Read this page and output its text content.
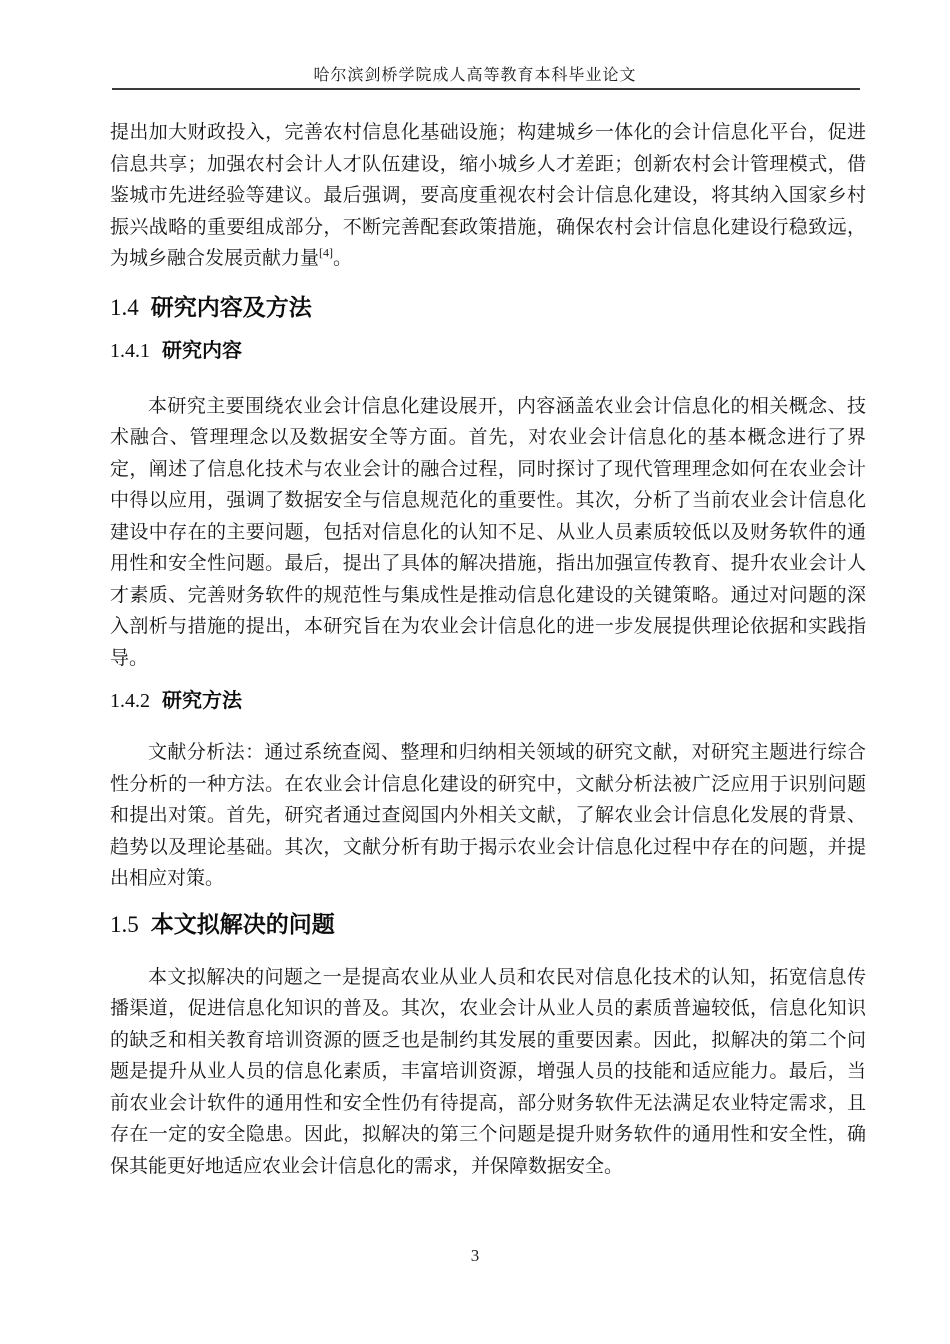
哈尔滨剑桥学院成人高等教育本科毕业论文

提出加大财政投入，完善农村信息化基础设施；构建城乡一体化的会计信息化平台，促进信息共享；加强农村会计人才队伍建设，缩小城乡人才差距；创新农村会计管理模式，借鉴城市先进经验等建议。最后强调，要高度重视农村会计信息化建设，将其纳入国家乡村振兴战略的重要组成部分，不断完善配套政策措施，确保农村会计信息化建设行稳致远，为城乡融合发展贡献力量[4]。

1.4 研究内容及方法
1.4.1 研究内容

本研究主要围绕农业会计信息化建设展开，内容涵盖农业会计信息化的相关概念、技术融合、管理理念以及数据安全等方面。首先，对农业会计信息化的基本概念进行了界定，阐述了信息化技术与农业会计的融合过程，同时探讨了现代管理理念如何在农业会计中得以应用，强调了数据安全与信息规范化的重要性。其次，分析了当前农业会计信息化建设中存在的主要问题，包括对信息化的认知不足、从业人员素质较低以及财务软件的通用性和安全性问题。最后，提出了具体的解决措施，指出加强宣传教育、提升农业会计人才素质、完善财务软件的规范性与集成性是推动信息化建设的关键策略。通过对问题的深入剖析与措施的提出，本研究旨在为农业会计信息化的进一步发展提供理论依据和实践指导。

1.4.2 研究方法

文献分析法：通过系统查阅、整理和归纳相关领域的研究文献，对研究主题进行综合性分析的一种方法。在农业会计信息化建设的研究中，文献分析法被广泛应用于识别问题和提出对策。首先，研究者通过查阅国内外相关文献，了解农业会计信息化发展的背景、趋势以及理论基础。其次，文献分析有助于揭示农业会计信息化过程中存在的问题，并提出相应对策。

1.5 本文拟解决的问题

本文拟解决的问题之一是提高农业从业人员和农民对信息化技术的认知，拓宽信息传播渠道，促进信息化知识的普及。其次，农业会计从业人员的素质普遍较低，信息化知识的缺乏和相关教育培训资源的匮乏也是制约其发展的重要因素。因此，拟解决的第二个问题是提升从业人员的信息化素质，丰富培训资源，增强人员的技能和适应能力。最后，当前农业会计软件的通用性和安全性仍有待提高，部分财务软件无法满足农业特定需求，且存在一定的安全隐患。因此，拟解决的第三个问题是提升财务软件的通用性和安全性，确保其能更好地适应农业会计信息化的需求，并保障数据安全。

3
